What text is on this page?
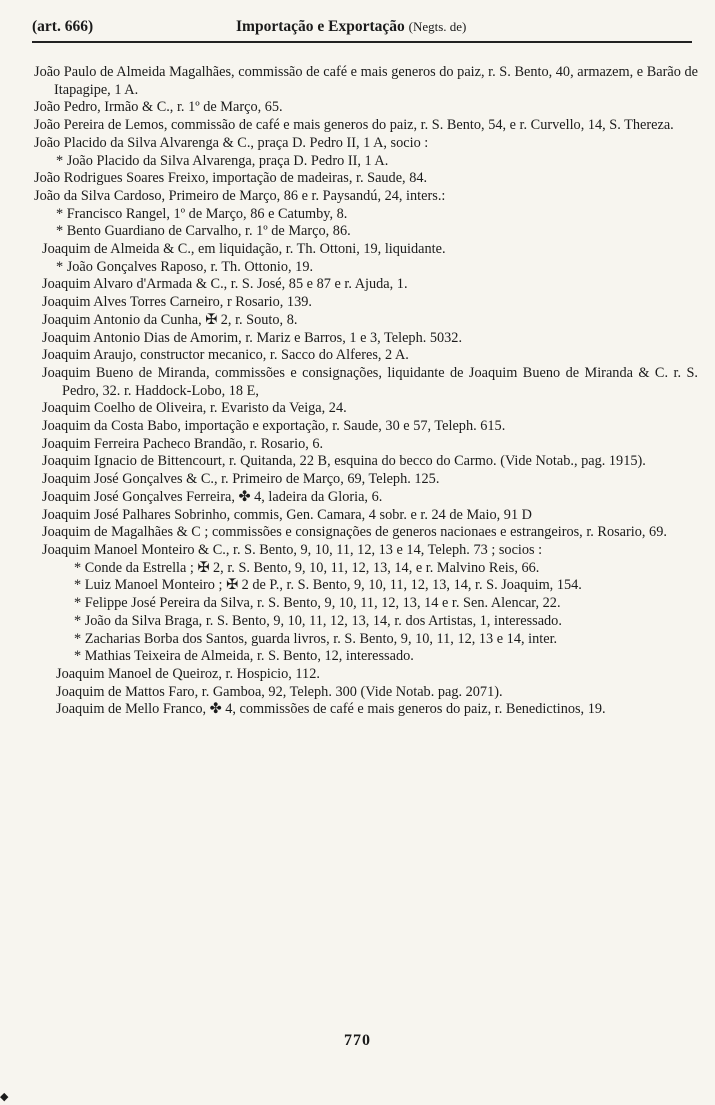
(art. 666)	Importação e Exportação (Negts. de)
João Paulo de Almeida Magalhães, commissão de café e mais generos do paiz, r. S. Bento, 40, armazem, e Barão de Itapagipe, 1 A.
João Pedro, Irmão & C., r. 1º de Março, 65.
João Pereira de Lemos, commissão de café e mais generos do paiz, r. S. Bento, 54, e r. Curvello, 14, S. Thereza.
João Placido da Silva Alvarenga & C., praça D. Pedro II, 1 A, socio :
* João Placido da Silva Alvarenga, praça D. Pedro II, 1 A.
João Rodrigues Soares Freixo, importação de madeiras, r. Saude, 84.
João da Silva Cardoso, Primeiro de Março, 86 e r. Paysandú, 24, inters.:
* Francisco Rangel, 1º de Março, 86 e Catumby, 8.
* Bento Guardiano de Carvalho, r. 1º de Março, 86.
Joaquim de Almeida & C., em liquidação, r. Th. Ottoni, 19, liquidante.
* João Gonçalves Raposo, r. Th. Ottonio, 19.
Joaquim Alvaro d'Armada & C., r. S. José, 85 e 87 e r. Ajuda, 1.
Joaquim Alves Torres Carneiro, r Rosario, 139.
Joaquim Antonio da Cunha, ✠ 2, r. Souto, 8.
Joaquim Antonio Dias de Amorim, r. Mariz e Barros, 1 e 3, Teleph. 5032.
Joaquim Araujo, constructor mecanico, r. Sacco do Alferes, 2 A.
Joaquim Bueno de Miranda, commissões e consignações, liquidante de Joaquim Bueno de Miranda & C. r. S. Pedro, 32. r. Haddock-Lobo, 18 E,
Joaquim Coelho de Oliveira, r. Evaristo da Veiga, 24.
Joaquim da Costa Babo, importação e exportação, r. Saude, 30 e 57, Teleph. 615.
Joaquim Ferreira Pacheco Brandão, r. Rosario, 6.
Joaquim Ignacio de Bittencourt, r. Quitanda, 22 B, esquina do becco do Carmo. (Vide Notab., pag. 1915).
Joaquim José Gonçalves & C., r. Primeiro de Março, 69, Teleph. 125.
Joaquim José Gonçalves Ferreira, ✤ 4, ladeira da Gloria, 6.
Joaquim José Palhares Sobrinho, commis, Gen. Camara, 4 sobr. e r. 24 de Maio, 91 D
Joaquim de Magalhães & C ; commissões e consignações de generos nacionaes e estrangeiros, r. Rosario, 69.
Joaquim Manoel Monteiro & C., r. S. Bento, 9, 10, 11, 12, 13 e 14, Teleph. 73 ; socios :
* Conde da Estrella ; ✠ 2, r. S. Bento, 9, 10, 11, 12, 13, 14, e r. Malvino Reis, 66.
* Luiz Manoel Monteiro ; ✠ 2 de P., r. S. Bento, 9, 10, 11, 12, 13, 14, r. S. Joaquim, 154.
* Felippe José Pereira da Silva, r. S. Bento, 9, 10, 11, 12, 13, 14 e r. Sen. Alencar, 22.
* João da Silva Braga, r. S. Bento, 9, 10, 11, 12, 13, 14, r. dos Artistas, 1, interessado.
* Zacharias Borba dos Santos, guarda livros, r. S. Bento, 9, 10, 11, 12, 13 e 14, inter.
* Mathias Teixeira de Almeida, r. S. Bento, 12, interessado.
Joaquim Manoel de Queiroz, r. Hospicio, 112.
Joaquim de Mattos Faro, r. Gamboa, 92, Teleph. 300 (Vide Notab. pag. 2071).
Joaquim de Mello Franco, ✤ 4, commissões de café e mais generos do paiz, r. Benedictinos, 19.
770
◆
